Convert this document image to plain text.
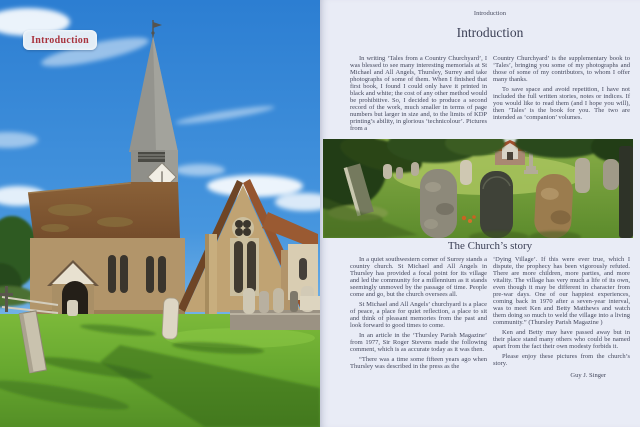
Introduction
Introduction
Introduction

In writing ‘Tales from a Country Churchyard’, I was blessed to see many interesting memorials at St Michael and All Angels, Thursley, Surrey and take photographs of some of them. When I finished that first book, I found I could only have it printed in black and white; the cost of any other method would be prohibitive. So, I decided to produce a second record of the work, much smaller in terms of page numbers but larger in size and, to the limits of KDP printing’s ability, in glorious ‘technicolour’. Pictures from a

Country Churchyard’ is the supplementary book to ‘Tales’, bringing you some of my photographs and those of some of my contributors, to whom I offer many thanks.

To save space and avoid repetition, I have not included the full written stories, notes or indices. If you would like to read them (and I hope you will), then ‘Tales’ is the book for you. The two are intended as ‘companion’ volumes.

The Church’s story

In a quiet southwestern corner of Surrey stands a country church. St Michael and All Angels in Thursley has provided a focal point for its village and led the community for a millennium as it stands seemingly unmoved by the passage of time. People come and go, but the church oversees all.

St Michael and All Angels’ churchyard is a place of peace, a place for quiet reflection, a place to sit and think of pleasant memories from the past and look forward to good times to come.

In an article in the ‘Thursley Parish Magazine’ from 1977, Sir Roger Stevens made the following comment, which is as accurate today as it was then.

“There was a time some fifteen years ago when Thursley was described in the press as the

‘Dying Village’. If this were ever true, which I dispute, the prophecy has been vigorously refuted. There are more children, more parties, and more vitality. The village has very much a life of its own, even though it may be different in character from pre-war days. One of our happiest experiences, coming back in 1970 after a seven-year interval, was to meet Ken and Betty Matthews and watch them doing so much to weld the village into a living community.” (Thursley Parish Magazine )

Ken and Betty may have passed away but in their place stand many others who could be named apart from the fact their own modesty forbids it.

Please enjoy these pictures from the church’s story.

Guy J. Singer
